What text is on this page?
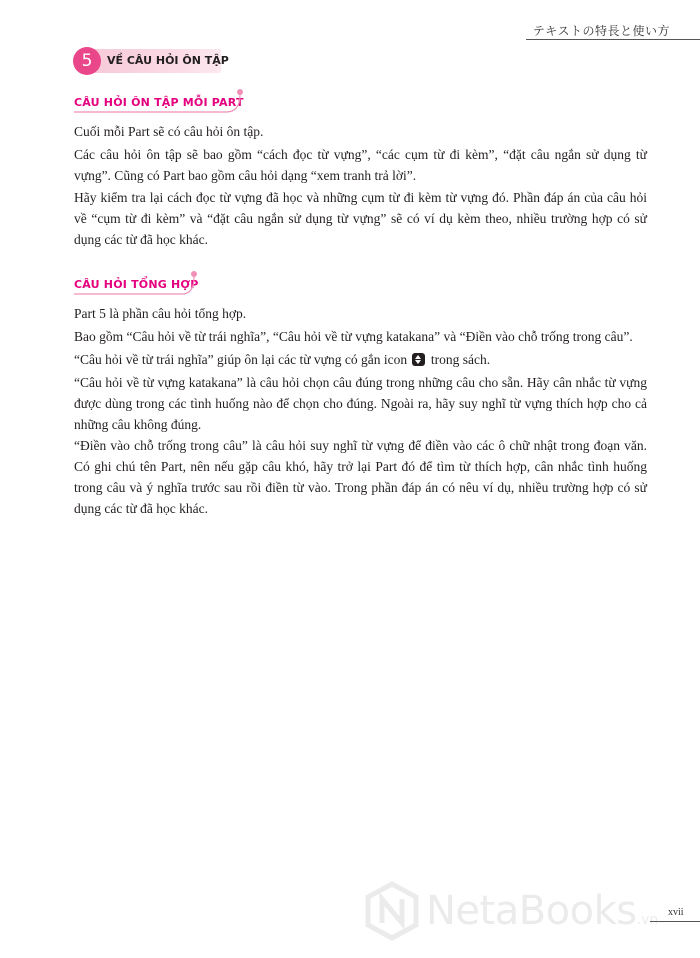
テキストの特長と使い方
5	VỀ CÂU HỎI ÔN TẬP
CÂU HỎI ÔN TẬP MỖI PART

Cuối mỗi Part sẽ có câu hỏi ôn tập.

Các câu hỏi ôn tập sẽ bao gồm “cách đọc từ vựng”, “các cụm từ đi kèm”, “đặt câu ngắn sử dụng từ vựng”. Cũng có Part bao gồm câu hỏi dạng “xem tranh trả lời”.

Hãy kiểm tra lại cách đọc từ vựng đã học và những cụm từ đi kèm từ vựng đó. Phần đáp án của câu hỏi về “cụm từ đi kèm” và “đặt câu ngắn sử dụng từ vựng” sẽ có ví dụ kèm theo, nhiều trường hợp có sử dụng các từ đã học khác.

CÂU HỎI TỔNG HỢP

Part 5 là phần câu hỏi tổng hợp.

Bao gồm “Câu hỏi về từ trái nghĩa”, “Câu hỏi về từ vựng katakana” và “Điền vào chỗ trống trong câu”.

“Câu hỏi về từ trái nghĩa” giúp ôn lại các từ vựng có gắn icon trong sách.

“Câu hỏi về từ vựng katakana” là câu hỏi chọn câu đúng trong những câu cho sẵn. Hãy cân nhắc từ vựng được dùng trong các tình huống nào để chọn cho đúng. Ngoài ra, hãy suy nghĩ từ vựng thích hợp cho cả những câu không đúng.

“Điền vào chỗ trống trong câu” là câu hỏi suy nghĩ từ vựng để điền vào các ô chữ nhật trong đoạn văn. Có ghi chú tên Part, nên nếu gặp câu khó, hãy trở lại Part đó để tìm từ thích hợp, cân nhắc tình huống trong câu và ý nghĩa trước sau rồi điền từ vào. Trong phần đáp án có nêu ví dụ, nhiều trường hợp có sử dụng các từ đã học khác.

xvii
NetaBooks .vn
